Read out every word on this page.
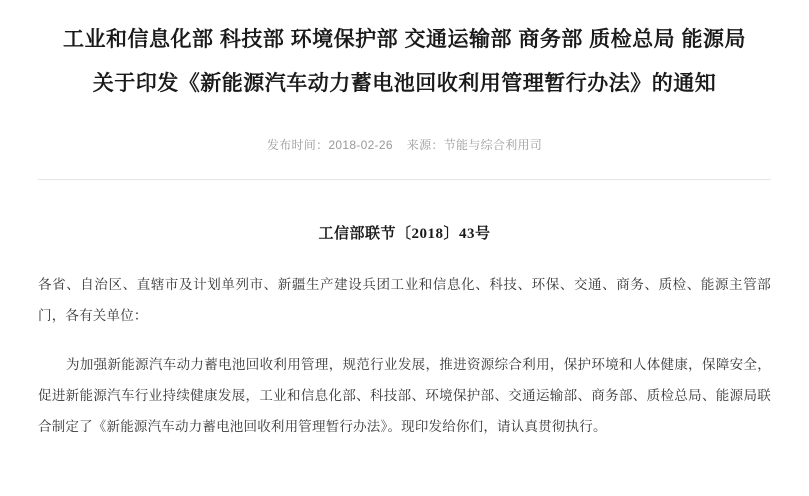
工业和信息化部 科技部 环境保护部 交通运输部 商务部 质检总局 能源局关于印发《新能源汽车动力蓄电池回收利用管理暂行办法》的通知
发布时间：2018-02-26 来源：节能与综合利用司
工信部联节〔2018〕43号

各省、自治区、直辖市及计划单列市、新疆生产建设兵团工业和信息化、科技、环保、交通、商务、质检、能源主管部门，各有关单位：

为加强新能源汽车动力蓄电池回收利用管理，规范行业发展，推进资源综合利用，保护环境和人体健康，保障安全，促进新能源汽车行业持续健康发展，工业和信息化部、科技部、环境保护部、交通运输部、商务部、质检总局、能源局联合制定了《新能源汽车动力蓄电池回收利用管理暂行办法》。现印发给你们，请认真贯彻执行。
